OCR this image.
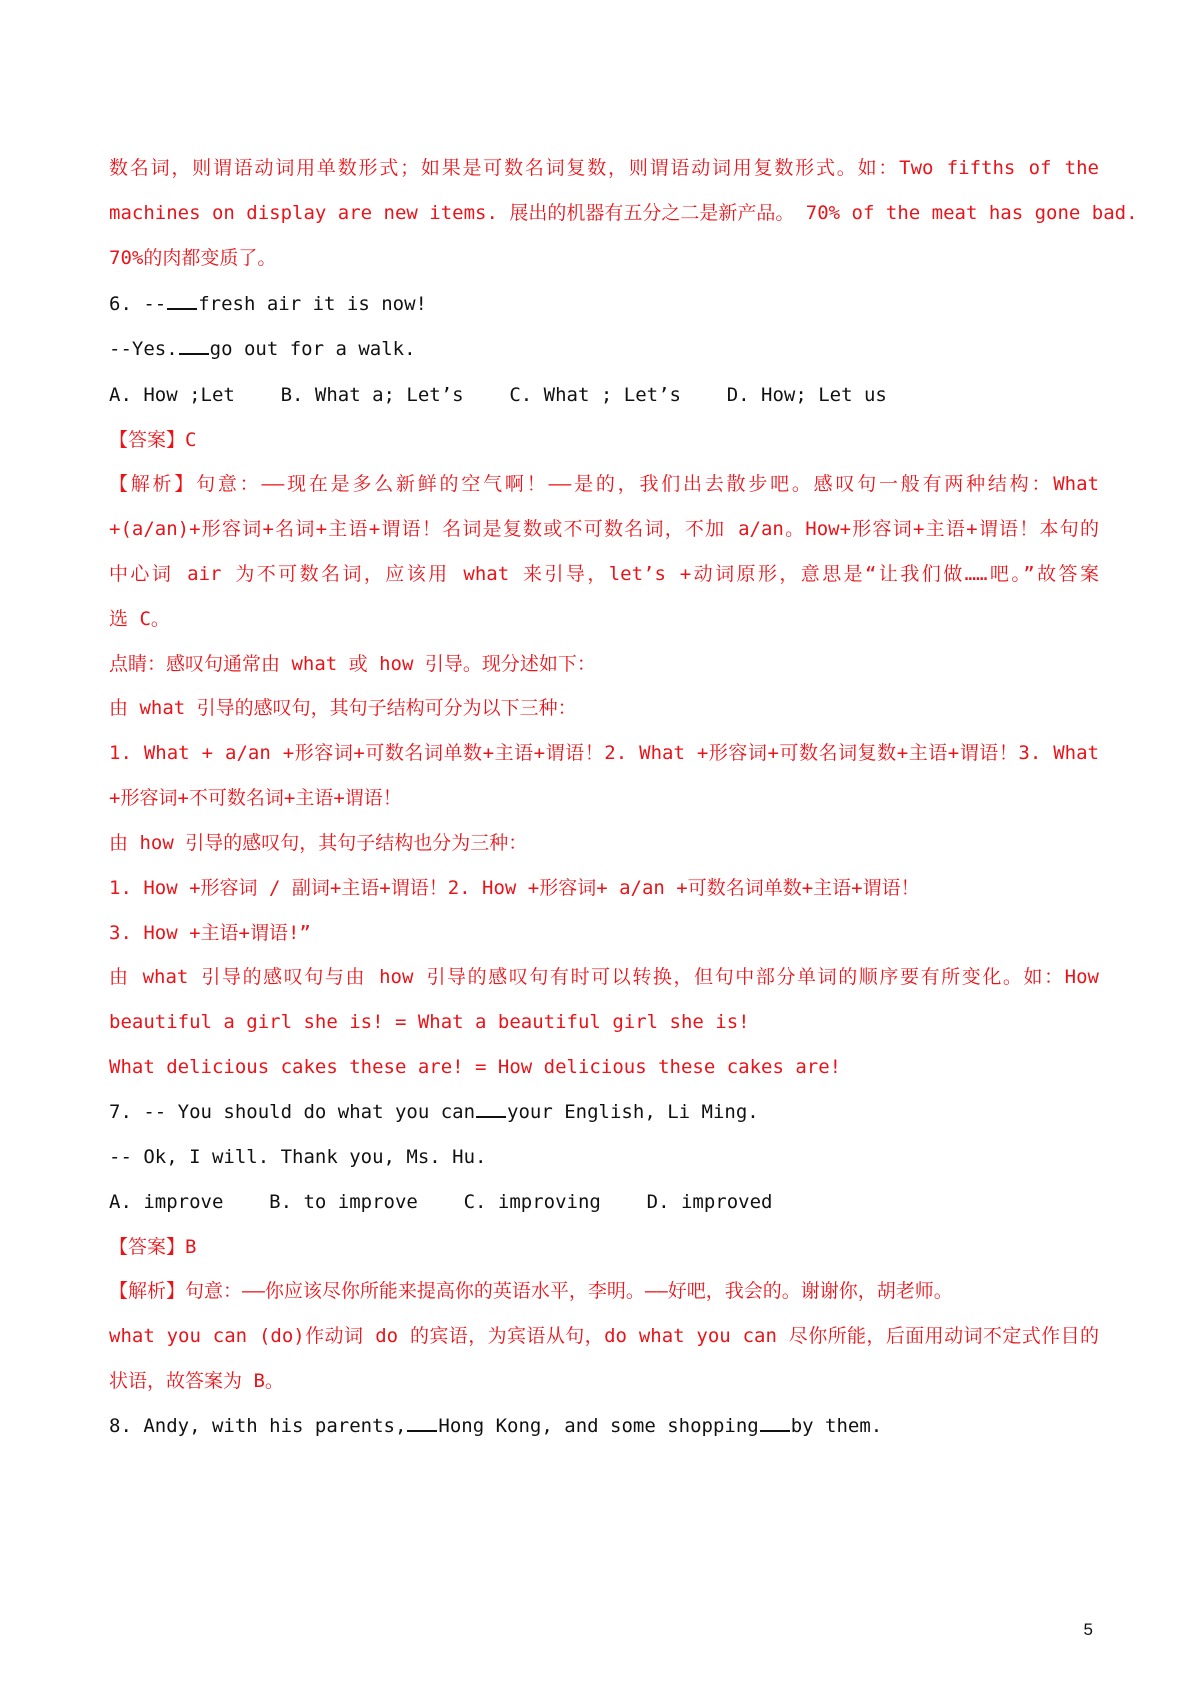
数名词，则谓语动词用单数形式；如果是可数名词复数，则谓语动词用复数形式。如：Two fifths of the

machines on display are new items. 展出的机器有五分之二是新产品。 70% of the meat has gone bad.

70%的肉都变质了。

6. -- fresh air it is now!

--Yes. go out for a walk.

A. How ;Let    B. What a; Let’s    C. What ; Let’s    D. How; Let us

【答案】C

【解析】句意：——现在是多么新鲜的空气啊！——是的，我们出去散步吧。感叹句一般有两种结构：What

+(a/an)+形容词+名词+主语+谓语！名词是复数或不可数名词，不加 a/an。How+形容词+主语+谓语！本句的

中心词 air 为不可数名词，应该用 what 来引导，let’s +动词原形，意思是“让我们做……吧。”故答案

选 C。

点睛：感叹句通常由 what 或 how 引导。现分述如下：

由 what 引导的感叹句，其句子结构可分为以下三种：

1. What + a/an +形容词+可数名词单数+主语+谓语！2. What +形容词+可数名词复数+主语+谓语！3. What

+形容词+不可数名词+主语+谓语！

由 how 引导的感叹句，其句子结构也分为三种：

1. How +形容词 / 副词+主语+谓语！2. How +形容词+ a/an +可数名词单数+主语+谓语！

3. How +主语+谓语!”

由 what 引导的感叹句与由 how 引导的感叹句有时可以转换，但句中部分单词的顺序要有所变化。如：How

beautiful a girl she is! = What a beautiful girl she is!

What delicious cakes these are! = How delicious these cakes are!

7. -- You should do what you can your English, Li Ming.

-- Ok, I will. Thank you, Ms. Hu.

A. improve    B. to improve    C. improving    D. improved

【答案】B

【解析】句意：——你应该尽你所能来提高你的英语水平，李明。——好吧，我会的。谢谢你，胡老师。

what you can (do)作动词 do 的宾语，为宾语从句，do what you can 尽你所能，后面用动词不定式作目的

状语，故答案为 B。

8. Andy, with his parents, Hong Kong, and some shopping by them.

5
